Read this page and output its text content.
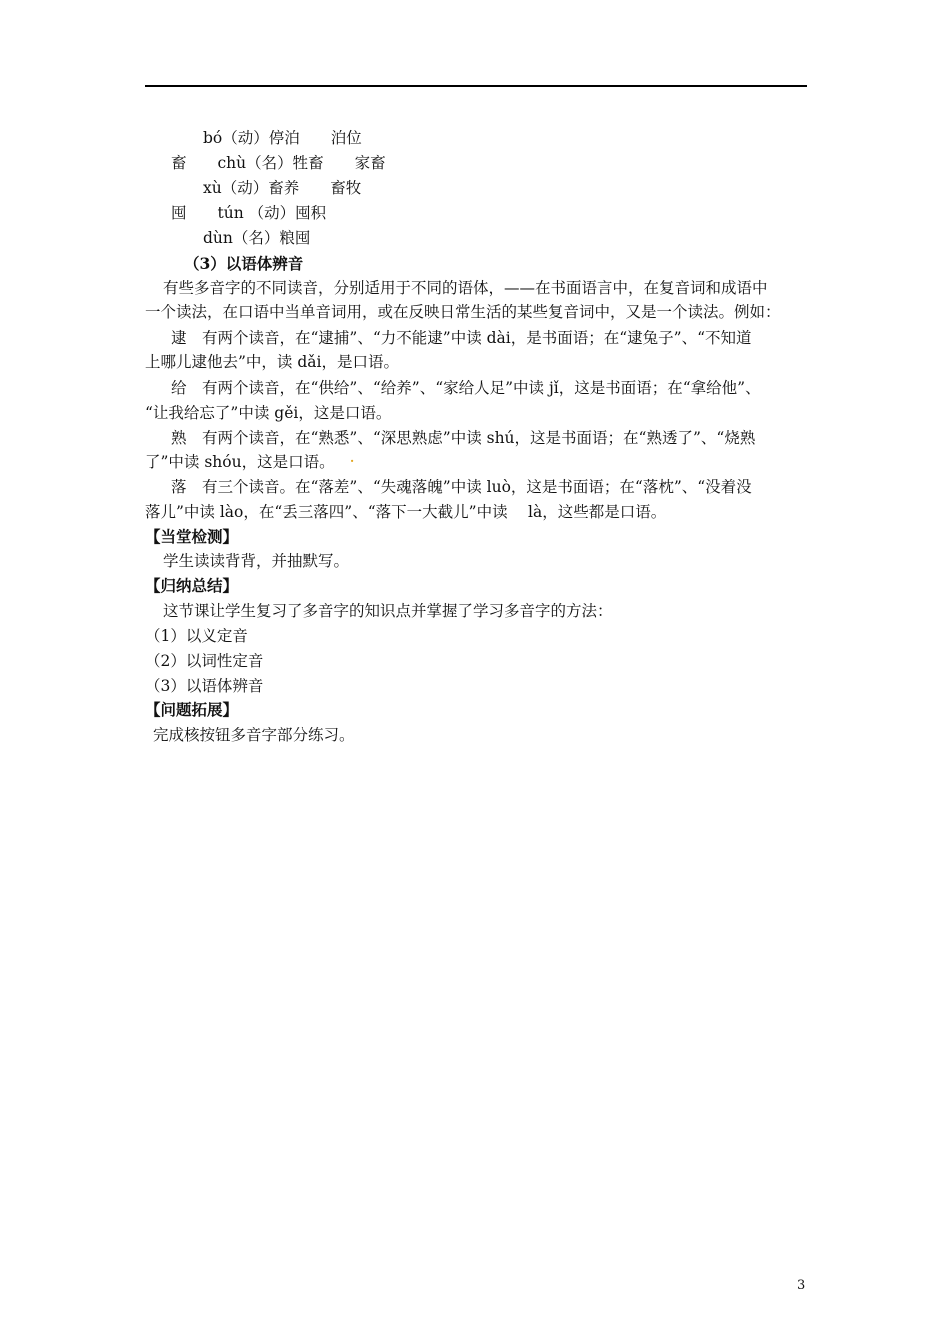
bó（动）停泊　　泊位
畜　　chù（名）牲畜　　家畜
xù（动）畜养　　畜牧
囤　　tún （动）囤积
dùn（名）粮囤
（3）以语体辨音
有些多音字的不同读音，分别适用于不同的语体，——在书面语言中，在复音词和成语中
一个读法，在口语中当单音词用，或在反映日常生活的某些复音词中，又是一个读法。例如：
逮　有两个读音，在“逮捕”、“力不能逮”中读 dài，是书面语；在“逮兔子”、“不知道
上哪儿逮他去”中，读 dǎi，是口语。
给　有两个读音，在“供给”、“给养”、“家给人足”中读 jǐ，这是书面语；在“拿给他”、
“让我给忘了”中读 gěi，这是口语。
熟　有两个读音，在“熟悉”、“深思熟虑”中读 shú，这是书面语；在“熟透了”、“烧熟
了”中读 shóu，这是口语。 .
落　有三个读音。在“落差”、“失魂落魄”中读 luò，这是书面语；在“落枕”、“没着没
落儿”中读 lào，在“丢三落四”、“落下一大截儿”中读　 là，这些都是口语。
【当堂检测】
学生读读背背，并抽默写。
【归纳总结】
这节课让学生复习了多音字的知识点并掌握了学习多音字的方法：
（1）以义定音
（2）以词性定音
（3）以语体辨音
【问题拓展】
完成核按钮多音字部分练习。
3
